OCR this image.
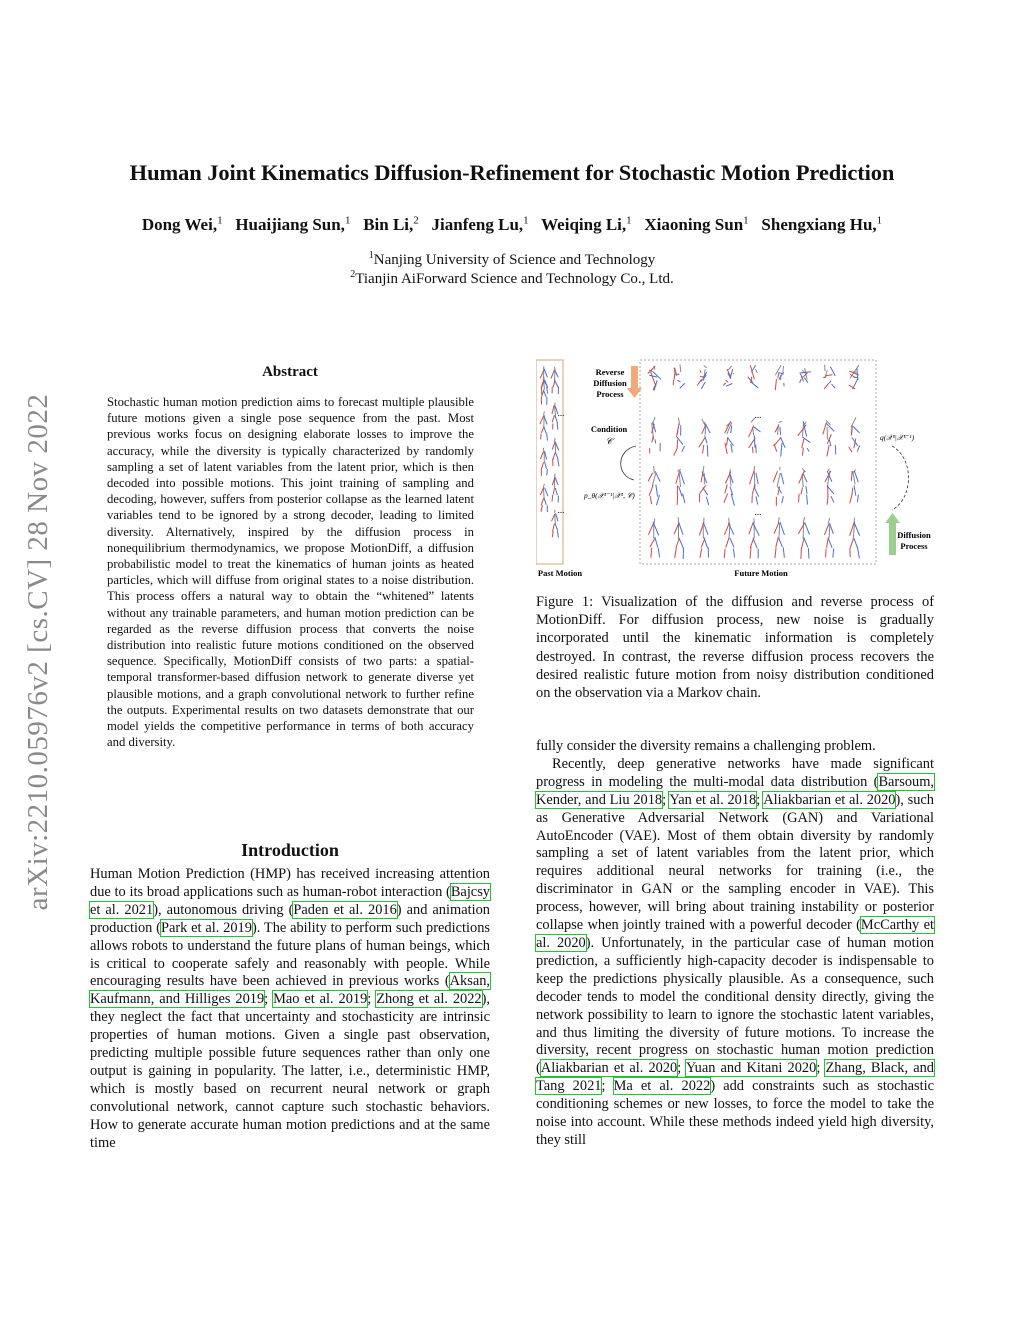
Human Joint Kinematics Diffusion-Refinement for Stochastic Motion Prediction
Dong Wei,$^1$ Huaijiang Sun,$^1$ Bin Li,$^2$ Jianfeng Lu,$^1$ Weiqing Li,$^1$ Xiaoning Sun$^1$ Shengxiang Hu,$^1$
$^1$Nanjing University of Science and Technology
$^2$Tianjin AiForward Science and Technology Co., Ltd.
arXiv:2210.05976v2 [cs.CV] 28 Nov 2022
Abstract
Stochastic human motion prediction aims to forecast multiple plausible future motions given a single pose sequence from the past. Most previous works focus on designing elaborate losses to improve the accuracy, while the diversity is typically characterized by randomly sampling a set of latent variables from the latent prior, which is then decoded into possible motions. This joint training of sampling and decoding, however, suffers from posterior collapse as the learned latent variables tend to be ignored by a strong decoder, leading to limited diversity. Alternatively, inspired by the diffusion process in nonequilibrium thermodynamics, we propose MotionDiff, a diffusion probabilistic model to treat the kinematics of human joints as heated particles, which will diffuse from original states to a noise distribution. This process offers a natural way to obtain the “whitened” latents without any trainable parameters, and human motion prediction can be regarded as the reverse diffusion process that converts the noise distribution into realistic future motions conditioned on the observed sequence. Specifically, MotionDiff consists of two parts: a spatial-temporal transformer-based diffusion network to generate diverse yet plausible motions, and a graph convolutional network to further refine the outputs. Experimental results on two datasets demonstrate that our model yields the competitive performance in terms of both accuracy and diversity.
Introduction

Human Motion Prediction (HMP) has received increasing attention due to its broad applications such as human-robot interaction (Bajcsy et al. 2021), autonomous driving (Paden et al. 2016) and animation production (Park et al. 2019). The ability to perform such predictions allows robots to understand the future plans of human beings, which is critical to cooperate safely and reasonably with people. While encouraging results have been achieved in previous works (Aksan, Kaufmann, and Hilliges 2019; Mao et al. 2019; Zhong et al. 2022), they neglect the fact that uncertainty and stochasticity are intrinsic properties of human motions. Given a single past observation, predicting multiple possible future sequences rather than only one output is gaining in popularity. The latter, i.e., deterministic HMP, which is mostly based on recurrent neural network or graph convolutional network, cannot capture such stochastic behaviors. How to generate accurate human motion predictions and at the same time

Reverse
Diffusion
Process
Condition
𝒞
p_θ(𝒳ᵏ⁻¹|𝒳ᵏ, 𝒞)
Diffusion
Process
q(𝒳ᵏ|𝒳ᵏ⁻¹)
...
...
...
...
Past Motion	Future Motion
Figure 1: Visualization of the diffusion and reverse process of MotionDiff. For diffusion process, new noise is gradually incorporated until the kinematic information is completely destroyed. In contrast, the reverse diffusion process recovers the desired realistic future motion from noisy distribution conditioned on the observation via a Markov chain.

fully consider the diversity remains a challenging problem.

Recently, deep generative networks have made significant progress in modeling the multi-modal data distribution (Barsoum, Kender, and Liu 2018; Yan et al. 2018; Aliakbarian et al. 2020), such as Generative Adversarial Network (GAN) and Variational AutoEncoder (VAE). Most of them obtain diversity by randomly sampling a set of latent variables from the latent prior, which requires additional neural networks for training (i.e., the discriminator in GAN or the sampling encoder in VAE). This process, however, will bring about training instability or posterior collapse when jointly trained with a powerful decoder (McCarthy et al. 2020). Unfortunately, in the particular case of human motion prediction, a sufficiently high-capacity decoder is indispensable to keep the predictions physically plausible. As a consequence, such decoder tends to model the conditional density directly, giving the network possibility to learn to ignore the stochastic latent variables, and thus limiting the diversity of future motions. To increase the diversity, recent progress on stochastic human motion prediction (Aliakbarian et al. 2020; Yuan and Kitani 2020; Zhang, Black, and Tang 2021; Ma et al. 2022) add constraints such as stochastic conditioning schemes or new losses, to force the model to take the noise into account. While these methods indeed yield high diversity, they still
